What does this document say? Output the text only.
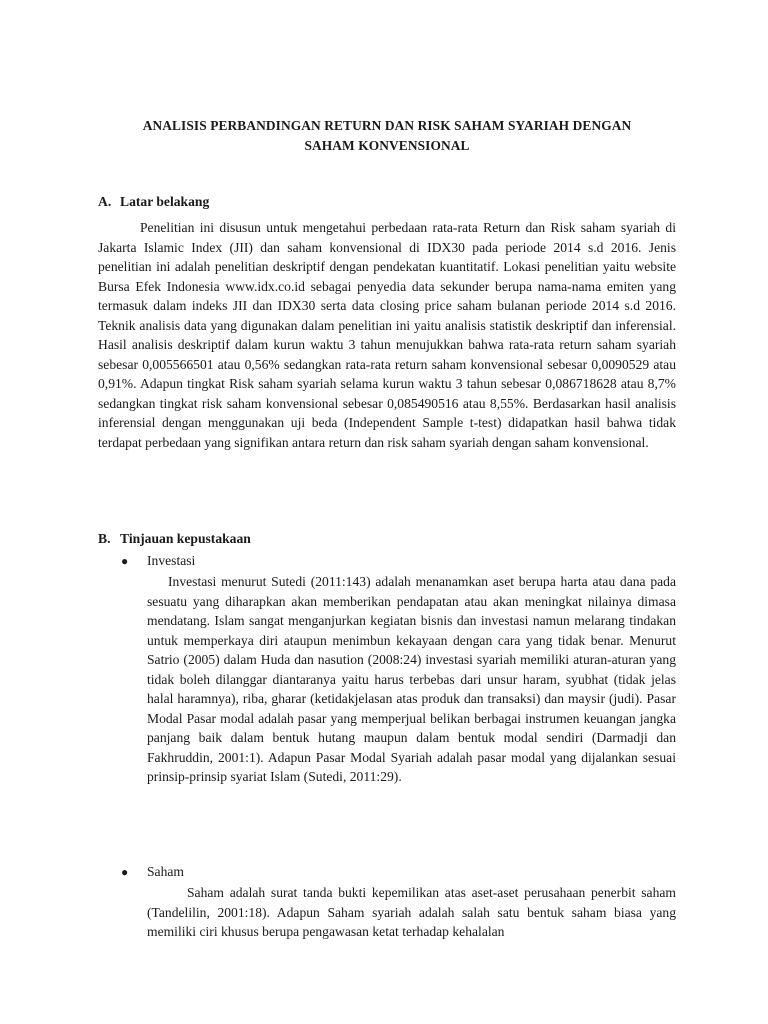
ANALISIS PERBANDINGAN RETURN DAN RISK SAHAM SYARIAH DENGAN
SAHAM KONVENSIONAL
A. Latar belakang
Penelitian ini disusun untuk mengetahui perbedaan rata-rata Return dan Risk saham syariah di Jakarta Islamic Index (JII) dan saham konvensional di IDX30 pada periode 2014 s.d 2016. Jenis penelitian ini adalah penelitian deskriptif dengan pendekatan kuantitatif. Lokasi penelitian yaitu website Bursa Efek Indonesia www.idx.co.id sebagai penyedia data sekunder berupa nama-nama emiten yang termasuk dalam indeks JII dan IDX30 serta data closing price saham bulanan periode 2014 s.d 2016. Teknik analisis data yang digunakan dalam penelitian ini yaitu analisis statistik deskriptif dan inferensial. Hasil analisis deskriptif dalam kurun waktu 3 tahun menujukkan bahwa rata-rata return saham syariah sebesar 0,005566501 atau 0,56% sedangkan rata-rata return saham konvensional sebesar 0,0090529 atau 0,91%. Adapun tingkat Risk saham syariah selama kurun waktu 3 tahun sebesar 0,086718628 atau 8,7% sedangkan tingkat risk saham konvensional sebesar 0,085490516 atau 8,55%. Berdasarkan hasil analisis inferensial dengan menggunakan uji beda (Independent Sample t-test) didapatkan hasil bahwa tidak terdapat perbedaan yang signifikan antara return dan risk saham syariah dengan saham konvensional.
B. Tinjauan kepustakaan
● Investasi
Investasi menurut Sutedi (2011:143) adalah menanamkan aset berupa harta atau dana pada sesuatu yang diharapkan akan memberikan pendapatan atau akan meningkat nilainya dimasa mendatang. Islam sangat menganjurkan kegiatan bisnis dan investasi namun melarang tindakan untuk memperkaya diri ataupun menimbun kekayaan dengan cara yang tidak benar. Menurut Satrio (2005) dalam Huda dan nasution (2008:24) investasi syariah memiliki aturan-aturan yang tidak boleh dilanggar diantaranya yaitu harus terbebas dari unsur haram, syubhat (tidak jelas halal haramnya), riba, gharar (ketidakjelasan atas produk dan transaksi) dan maysir (judi). Pasar Modal Pasar modal adalah pasar yang memperjual belikan berbagai instrumen keuangan jangka panjang baik dalam bentuk hutang maupun dalam bentuk modal sendiri (Darmadji dan Fakhruddin, 2001:1). Adapun Pasar Modal Syariah adalah pasar modal yang dijalankan sesuai prinsip-prinsip syariat Islam (Sutedi, 2011:29).
● Saham
Saham adalah surat tanda bukti kepemilikan atas aset-aset perusahaan penerbit saham (Tandelilin, 2001:18). Adapun Saham syariah adalah salah satu bentuk saham biasa yang memiliki ciri khusus berupa pengawasan ketat terhadap kehalalan
